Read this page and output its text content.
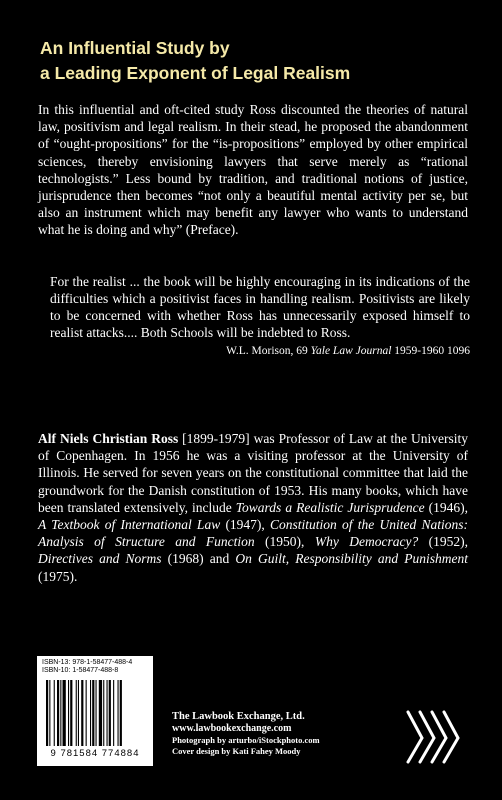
An Influential Study by
a Leading Exponent of Legal Realism

In this influential and oft-cited study Ross discounted the theories of natural law, positivism and legal realism. In their stead, he proposed the abandonment of “ought-propositions” for the “is-propositions” employed by other empirical sciences, thereby envisioning lawyers that serve merely as “rational technologists.” Less bound by tradition, and traditional notions of justice, jurisprudence then becomes “not only a beautiful mental activity per se, but also an instrument which may benefit any lawyer who wants to understand what he is doing and why” (Preface).

For the realist ... the book will be highly encouraging in its indications of the difficulties which a positivist faces in handling realism. Positivists are likely to be concerned with whether Ross has unnecessarily exposed himself to realist attacks.... Both Schools will be indebted to Ross.

W.L. Morison, 69 Yale Law Journal 1959-1960 1096

Alf Niels Christian Ross [1899-1979] was Professor of Law at the University of Copenhagen. In 1956 he was a visiting professor at the University of Illinois. He served for seven years on the constitutional committee that laid the groundwork for the Danish constitution of 1953. His many books, which have been translated extensively, include Towards a Realistic Jurisprudence (1946), A Textbook of International Law (1947), Constitution of the United Nations: Analysis of Structure and Function (1950), Why Democracy? (1952), Directives and Norms (1968) and On Guilt, Responsibility and Punishment (1975).

ISBN-13: 978-1-58477-488-4
ISBN-10: 1-58477-488-8
9 781584 774884
The Lawbook Exchange, Ltd.
www.lawbookexchange.com
Photograph by arturbo/iStockphoto.com
Cover design by Kati Fahey Moody
